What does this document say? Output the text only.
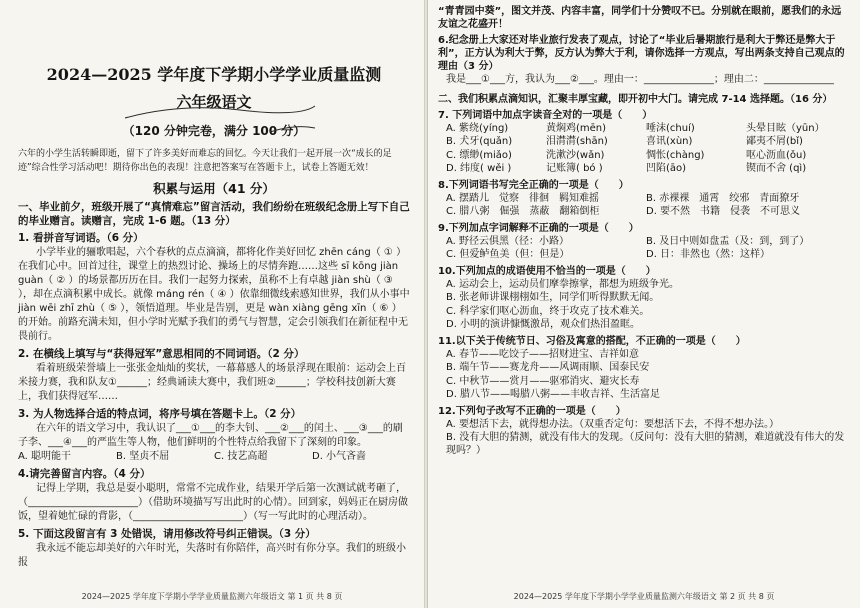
2024—2025 学年度下学期小学学业质量监测
六年级语文
（120 分钟完卷，满分 100 分）
六年的小学生活转瞬即逝，留下了许多美好而难忘的回忆。今天让我们一起开展一次“成长的足迹”综合性学习活动吧！期待你出色的表现！注意把答案写在答题卡上，试卷上答题无效！
积累与运用（41 分）
一、毕业前夕，班级开展了“真情难忘”留言活动，我们纷纷在班级纪念册上写下自己的毕业赠言。读赠言，完成 1-6 题。（13 分）
1. 看拼音写词语。（6 分）

小学毕业的骊歌唱起，六个春秋的点点滴滴，都将化作美好回忆 zhēn cáng（ ① ）在我们心中。回首过往，课堂上的热烈讨论、操场上的尽情奔跑……这些 sī kōng jiàn guàn（ ② ）的场景都历历在目。我们一起努力探索，虽称不上有卓越 jiàn shù（ ③ ），却在点滴积累中成长。就像 máng rén（ ④ ）依靠细微线索感知世界，我们从小事中 jiàn wēi zhī zhù（ ⑤ ），领悟道理。毕业是告别，更是 wàn xiàng gēng xīn（ ⑥ ）的开始。前路充满未知，但小学时光赋予我们的勇气与智慧，定会引领我们在新征程中无畏前行。

2. 在横线上填写与“获得冠军”意思相同的不同词语。（2 分）

看着班级荣誉墙上一张张金灿灿的奖状，一幕幕感人的场景浮现在眼前：运动会上百米接力赛，我和队友①______；经典诵读大赛中，我们班②______；学校科技创新大赛上，我们获得冠军……

3. 为人物选择合适的特点词，将序号填在答题卡上。（2 分）

在六年的语文学习中，我认识了___①___的李大钊、___②___的闰土、___③___的刷子李、___④___的严监生等人物，他们鲜明的个性特点给我留下了深刻的印象。

A. 聪明能干	B. 坚贞不屈	C. 技艺高超	D. 小气吝啬
4.请完善留言内容。（4 分）

记得上学期，我总是耍小聪明，常常不完成作业，结果开学后第一次测试就考砸了，（______________________）（借助环境描写写出此时的心情）。回到家，妈妈正在厨房做饭，望着她忙碌的背影，（______________________）（写一写此时的心理活动）。

5. 下面这段留言有 3 处错误，请用修改符号纠正错误。（3 分）

我永远不能忘却美好的六年时光，失落时有你陪伴，高兴时有你分享。我们的班级小报

2024—2025 学年度下学期小学学业质量监测六年级语文 第 1 页 共 8 页

“青青园中葵”，图文并茂、内容丰富，同学们十分赞叹不已。分别就在眼前，愿我们的永远友谊之花盛开！

6.纪念册上大家还对毕业旅行发表了观点，讨论了“毕业后暑期旅行是利大于弊还是弊大于利”，正方认为利大于弊，反方认为弊大于利，请你选择一方观点，写出两条支持自己观点的理由（3 分）
我是___①___方，我认为___②___。理由一：______________；理由二：______________
二、我们积累点滴知识，汇聚丰厚宝藏，即开初中大门。请完成 7-14 选择题。（16 分）
7. 下列词语中加点字读音全对的一项是（　　）
A. 紫绕(yíng)	黄焖鸡(mēn)	唾沫(chuí)	头晕目眩（yūn）
B. 犬牙(quǎn)	泪潸潸(shān)	喜讯(xùn)	鄙夷不屑(bǐ)
C. 缥缈(miǎo)	洗漱沙(wǎn)	惆怅(chàng)	呕心沥血(ǒu)
D. 纬度( wěi )	记账簿( bó )	凹陷(āo)	锲而不舍 (qì)
8.下列词语书写完全正确的一项是（　　）
A. 摆踏儿　觉察　徘徊　羁知难摇	B. 赤裸裸　通霄　绞邪　青面獠牙
C. 腊八粥　倔强　蒸蔽　翻箱倒柜	D. 要不然　书籍　侵袭　不可思义
9.下列加点字词解释不正确的一项是（　　）
A. 野径云俱黑（径：小路）	B. 及日中则如盘盂（及：到，到了）
C. 但爱鲈鱼美（但：但是）	D. 日：非然也（然：这样）
10.下列加点的成语使用不恰当的一项是（　　）
A. 运动会上，运动员们摩拳擦掌，都想为班级争光。
B. 张老师讲课栩栩如生，同学们听得默默无闻。
C. 科学家们呕心沥血，终于攻克了技术难关。
D. 小明的演讲慷慨激昂，观众们热泪盈眶。
11.以下关于传统节日、习俗及寓意的搭配，不正确的一项是（　　）
A. 春节——吃饺子——招财进宝、吉祥如意
B. 端午节——赛龙舟——风调雨顺、国泰民安
C. 中秋节——赏月——驱邪消灾、避灾长寿
D. 腊八节——喝腊八粥——丰收吉祥、生活富足
12.下列句子改写不正确的一项是（　　）
A. 要想活下去，就得想办法。（双重否定句：要想活下去，不得不想办法。）
B. 没有大胆的猜测，就没有伟大的发现。（反问句：没有大胆的猜测，难道就没有伟大的发现吗？）
2024—2025 学年度下学期小学学业质量监测六年级语文 第 2 页 共 8 页
